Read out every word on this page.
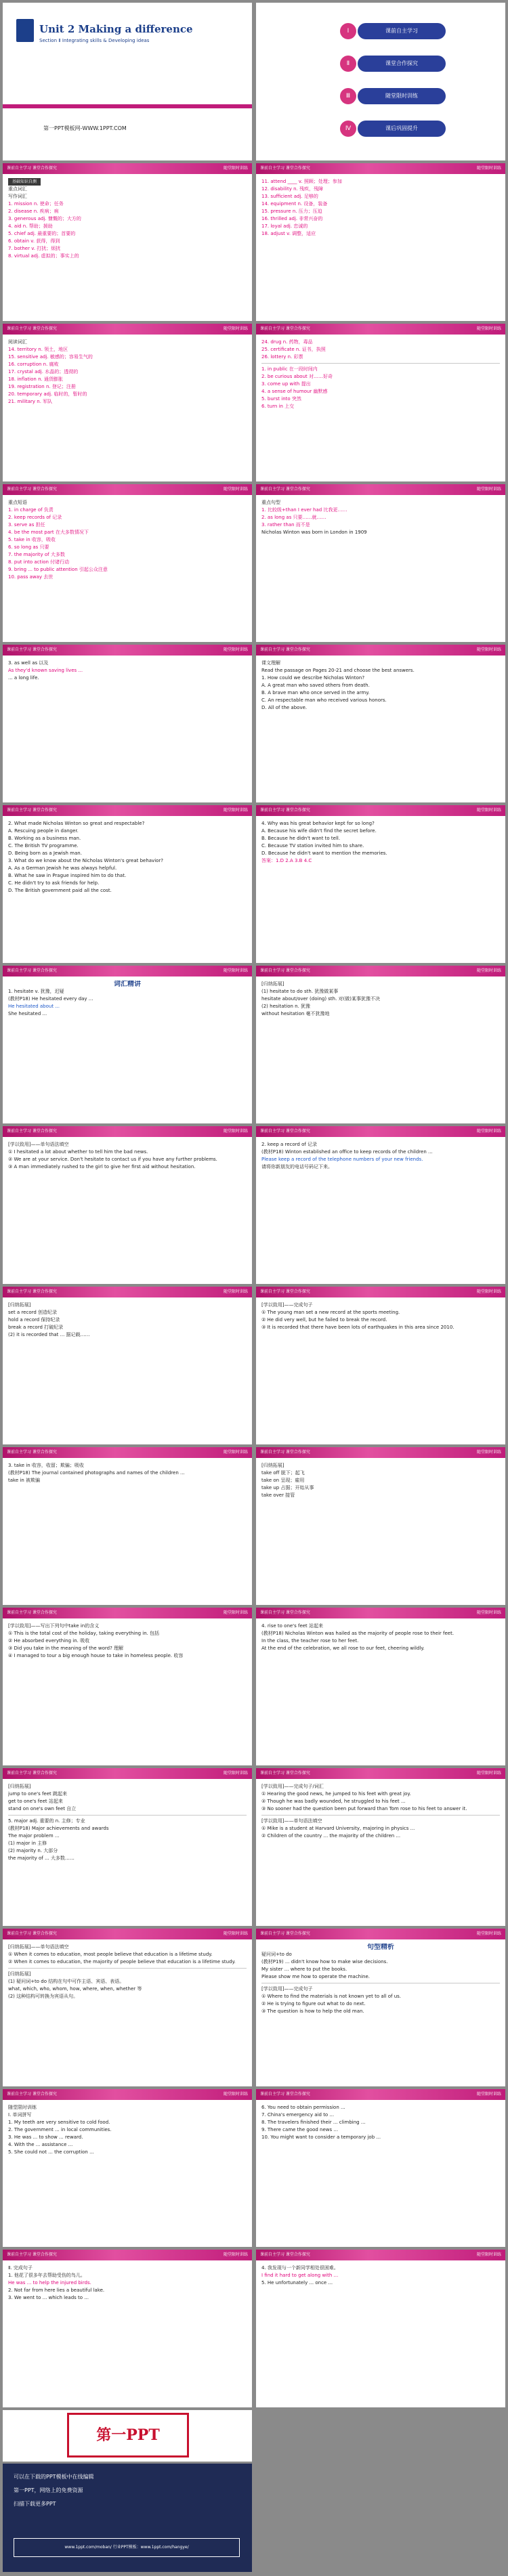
Unit 2 Making a difference
Section Ⅱ Integrating skills & Developing ideas
第一PPT模板网-WWW.1PPT.COM
Ⅰ	课前自主学习
Ⅱ	课堂合作探究
Ⅲ	随堂限时训练
Ⅳ	课后巩固提升
课前自主学习 课堂合作探究	随堂限时训练
基础知识自测
重点词汇
写作词汇
1. mission n. 使命；任务
2. disease n. 疾病；病
3. generous adj. 慷慨的；大方的
4. aid n. 帮助；援助
5. chief adj. 最重要的；首要的
6. obtain v. 获得，得到
7. bother v. 打扰；烦扰
8. virtual adj. 虚拟的；事实上的
课前自主学习 课堂合作探究	随堂限时训练
11. attend ____ v. 照顾；处理；参加
12. disability n. 残疾，残障
13. sufficient adj. 足够的
14. equipment n. 设备，装备
15. pressure n. 压力；压迫
16. thrilled adj. 非常兴奋的
17. loyal adj. 忠诚的
18. adjust v. 调整，适应
课前自主学习 课堂合作探究	随堂限时训练
阅读词汇
14. territory n. 领土，地区
15. sensitive adj. 敏感的；容易生气的
16. corruption n. 腐败
17. crystal adj. 水晶的；透彻的
18. inflation n. 通货膨胀
19. registration n. 登记；注册
20. temporary adj. 临时的，暂时的
21. military n. 军队
课前自主学习 课堂合作探究	随堂限时训练
24. drug n. 药物，毒品
25. certificate n. 证书，执照
26. lottery n. 彩票
1. in public 在一段时间内
2. be curious about 对……好奇
3. come up with 提出
4. a sense of humour 幽默感
5. burst into 突然
6. turn in 上交
课前自主学习 课堂合作探究	随堂限时训练
重点短语
1. in charge of 负责
2. keep records of 记录
3. serve as 担任
4. be the most part 在大多数情况下
5. take in 收容，吸收
6. so long as 只要
7. the majority of 大多数
8. put into action 付诸行动
9. bring ... to public attention 引起公众注意
10. pass away 去世
课前自主学习 课堂合作探究	随堂限时训练
重点句型
1. 比较级+than I ever had 比我更……
2. as long as 只要……就……
3. rather than 而不是
Nicholas Winton was born in London in 1909
课前自主学习 课堂合作探究	随堂限时训练
3. as well as 以及
As they'd known saving lives ...
... a long life.
课前自主学习 课堂合作探究	随堂限时训练
课文理解
Read the passage on Pages 20-21 and choose the best answers.
1. How could we describe Nicholas Winton?
A. A great man who saved others from death.
B. A brave man who once served in the army.
C. An respectable man who received various honors.
D. All of the above.
课前自主学习 课堂合作探究	随堂限时训练
2. What made Nicholas Winton so great and respectable?
A. Rescuing people in danger.
B. Working as a business man.
C. The British TV programme.
D. Being born as a Jewish man.
3. What do we know about the Nicholas Winton's great behavior?
A. As a German Jewish he was always helpful.
B. What he saw in Prague inspired him to do that.
C. He didn't try to ask friends for help.
D. The British government paid all the cost.
课前自主学习 课堂合作探究	随堂限时训练
4. Why was his great behavior kept for so long?
A. Because his wife didn't find the secret before.
B. Because he didn't want to tell.
C. Because TV station invited him to share.
D. Because he didn't want to mention the memories.
答案：1.D 2.A 3.B 4.C
课前自主学习 课堂合作探究	随堂限时训练
词汇精讲
1. hesitate v. 犹豫，迟疑
(教材P18) He hesitated every day ...
He hesitated about ...
She hesitated ...
课前自主学习 课堂合作探究	随堂限时训练
[归纳拓展]
(1) hesitate to do sth. 犹豫做某事
hesitate about/over (doing) sth. 对(做)某事犹豫不决
(2) hesitation n. 犹豫
without hesitation 毫不犹豫地
课前自主学习 课堂合作探究	随堂限时训练
[学以致用]——单句语法填空
① I hesitated a lot about whether to tell him the bad news.
② We are at your service. Don't hesitate to contact us if you have any further problems.
③ A man immediately rushed to the girl to give her first aid without hesitation.
课前自主学习 课堂合作探究	随堂限时训练
2. keep a record of 记录
(教材P18) Winton established an office to keep records of the children ...
Please keep a record of the telephone numbers of your new friends.
请将你新朋友的电话号码记下来。
课前自主学习 课堂合作探究	随堂限时训练
[归纳拓展]
set a record 创造纪录
hold a record 保持纪录
break a record 打破纪录
(2) it is recorded that ... 据记载……
课前自主学习 课堂合作探究	随堂限时训练
[学以致用]——完成句子
① The young man set a new record at the sports meeting.
② He did very well, but he failed to break the record.
③ It is recorded that there have been lots of earthquakes in this area since 2010.
课前自主学习 课堂合作探究	随堂限时训练
3. take in 收容，收留；欺骗；吸收
(教材P18) The journal contained photographs and names of the children ...
take in 被欺骗
课前自主学习 课堂合作探究	随堂限时训练
[归纳拓展]
take off 脱下；起飞
take on 呈现；雇用
take up 占据；开始从事
take over 接管
课前自主学习 课堂合作探究	随堂限时训练
[学以致用]——写出下列句中take in的含义
① This is the total cost of the holiday, taking everything in. 包括
② He absorbed everything in. 吸收
③ Did you take in the meaning of the word? 理解
④ I managed to tour a big enough house to take in homeless people. 收容
课前自主学习 课堂合作探究	随堂限时训练
4. rise to one's feet 站起来
(教材P18) Nicholas Winton was hailed as the majority of people rose to their feet.
In the class, the teacher rose to her feet.
At the end of the celebration, we all rose to our feet, cheering wildly.
课前自主学习 课堂合作探究	随堂限时训练
[归纳拓展]
jump to one's feet 跳起来
get to one's feet 站起来
stand on one's own feet 自立
5. major adj. 重要的 n. 主修；专业
(教材P18) Major achievements and awards
The major problem ...
(1) major in 主修
(2) majority n. 大部分
the majority of ... 大多数……
课前自主学习 课堂合作探究	随堂限时训练
[学以致用]——完成句子/词汇
① Hearing the good news, he jumped to his feet with great joy.
② Though he was badly wounded, he struggled to his feet ...
③ No sooner had the question been put forward than Tom rose to his feet to answer it.
[学以致用]——单句语法填空
① Mike is a student at Harvard University, majoring in physics ...
② Children of the country ... the majority of the children ...
课前自主学习 课堂合作探究	随堂限时训练
[归纳拓展]——单句语法填空
① When it comes to education, most people believe that education is a lifetime study.
② When it comes to education, the majority of people believe that education is a lifetime study.
[归纳拓展]
(1) 疑问词+to do 结构在句中可作主语、宾语、表语。
what, which, who, whom, how, where, when, whether 等
(2) 这种结构可转换为宾语从句。
课前自主学习 课堂合作探究	随堂限时训练
句型精析
疑问词+to do
(教材P19) ... didn't know how to make wise decisions.
My sister ... where to put the books.
Please show me how to operate the machine.
[学以致用]——完成句子
① Where to find the materials is not known yet to all of us.
② He is trying to figure out what to do next.
③ The question is how to help the old man.
课前自主学习 课堂合作探究	随堂限时训练
随堂限时训练
Ⅰ. 单词拼写
1. My teeth are very sensitive to cold food.
2. The government ... in local communities.
3. He was ... to show ... reward.
4. With the ... assistance ...
5. She could not ... the corruption ...
课前自主学习 课堂合作探究	随堂限时训练
6. You need to obtain permission ...
7. China's emergency aid to ...
8. The travelers finished their ... climbing ...
9. There came the good news ...
10. You might want to consider a temporary job ...
课前自主学习 课堂合作探究	随堂限时训练
Ⅱ. 完成句子
1. 他花了很多年去帮助受伤的鸟儿。
He was ... to help the injured birds.
2. Not far from here lies a beautiful lake.
3. We went to ... which leads to ...
课前自主学习 课堂合作探究	随堂限时训练
4. 我发现与一个新同学相处很困难。
I find it hard to get along with ...
5. He unfortunately ... once ...
第一PPT
可以在下载的PPT模板中在线编辑
第一PPT，网络上的免费资源
扫描下载更多PPT
www.1ppt.com/moban/ 行业PPT模板：www.1ppt.com/hangye/
